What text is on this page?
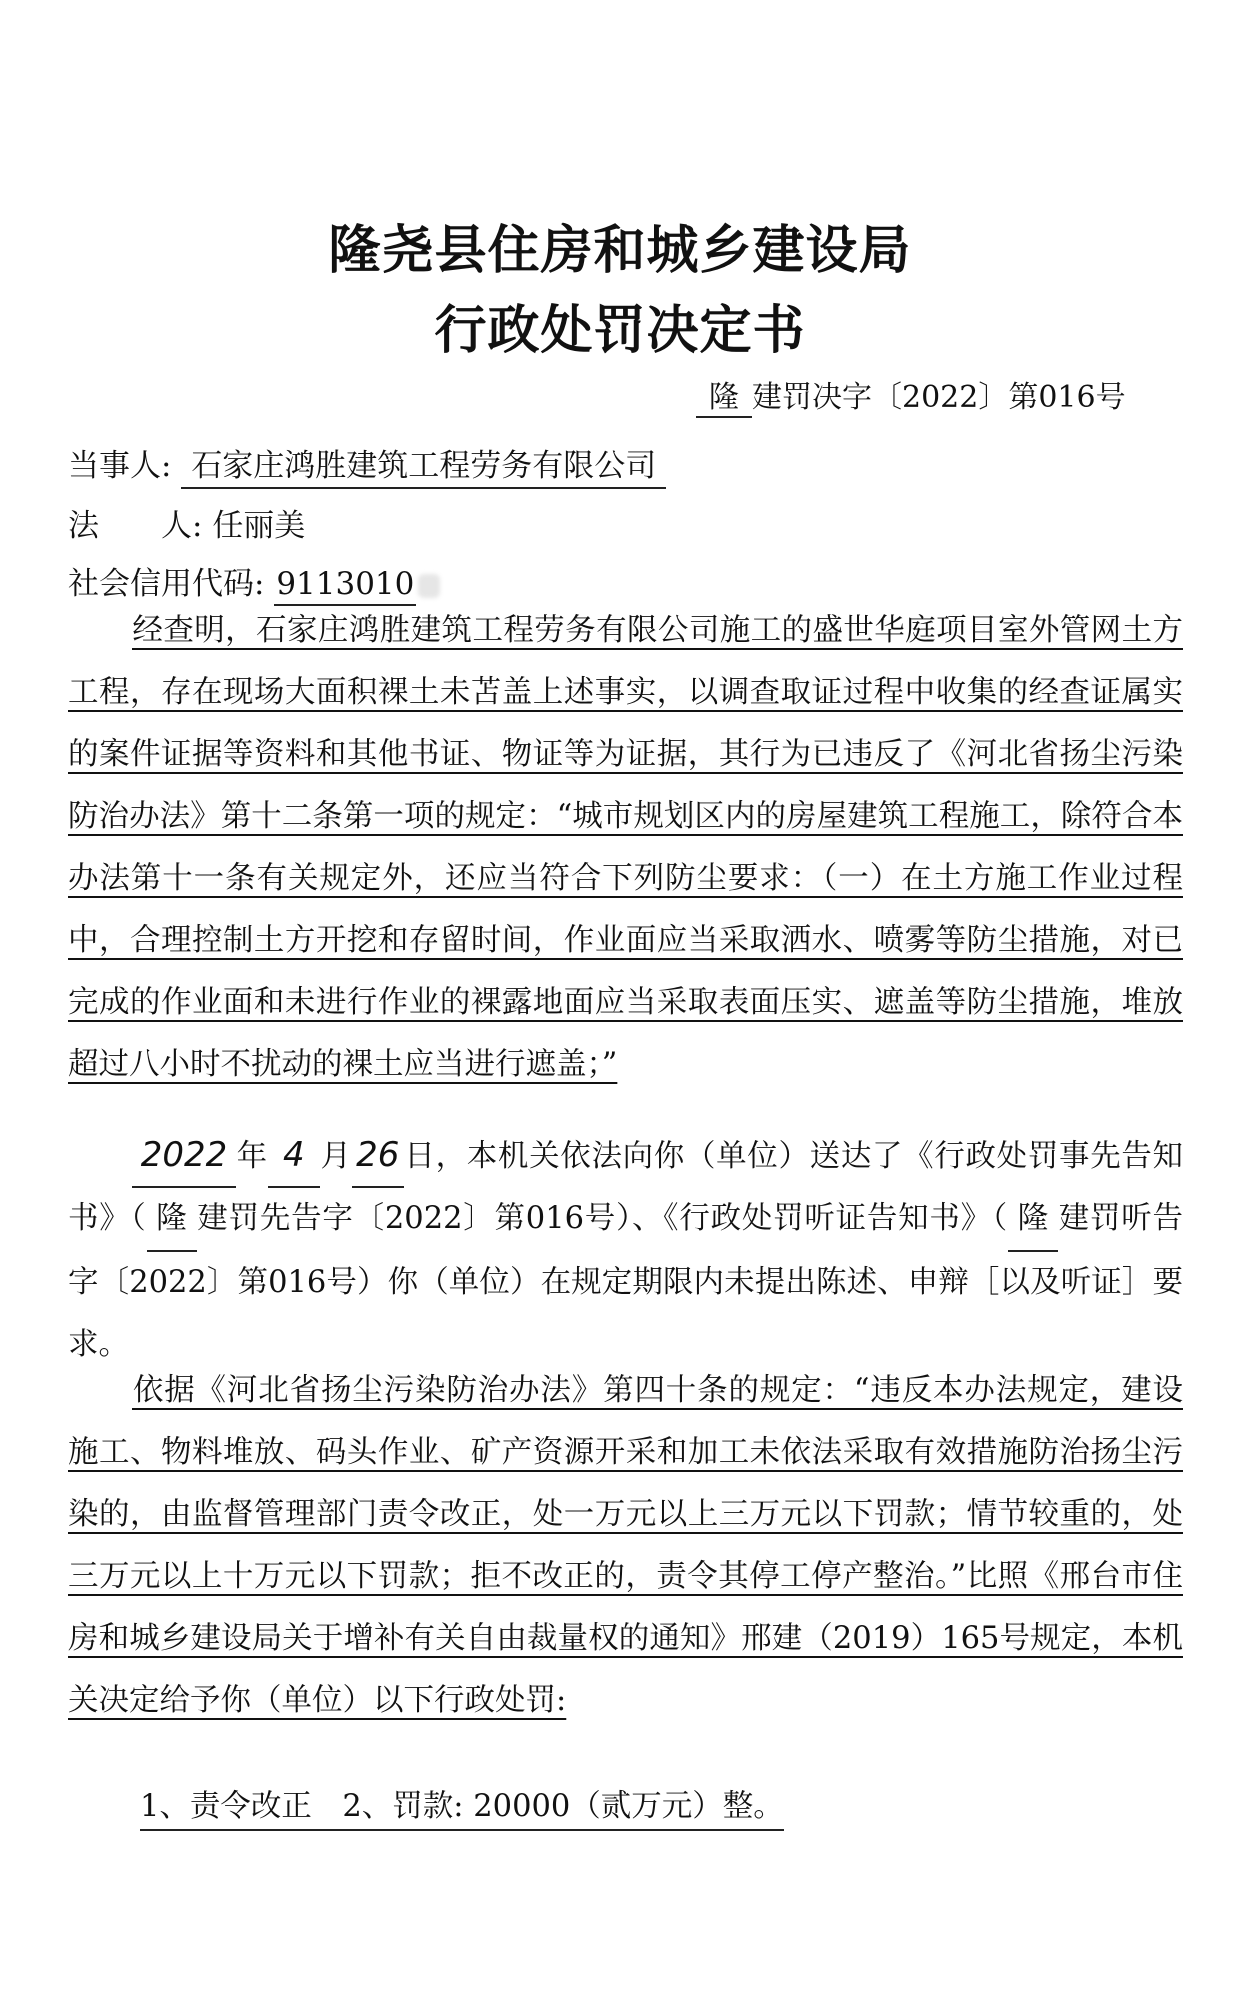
隆尧县住房和城乡建设局
行政处罚决定书
隆 建罚决字〔2022〕第016号
当事人: 石家庄鸿胜建筑工程劳务有限公司
法　　人: 任丽美
社会信用代码: 9113010

经查明，石家庄鸿胜建筑工程劳务有限公司施工的盛世华庭项目室外管网土方工程，存在现场大面积裸土未苫盖上述事实，以调查取证过程中收集的经查证属实的案件证据等资料和其他书证、物证等为证据，其行为已违反了《河北省扬尘污染防治办法》第十二条第一项的规定：“城市规划区内的房屋建筑工程施工，除符合本办法第十一条有关规定外，还应当符合下列防尘要求：（一）在土方施工作业过程中，合理控制土方开挖和存留时间，作业面应当采取洒水、喷雾等防尘措施，对已完成的作业面和未进行作业的裸露地面应当采取表面压实、遮盖等防尘措施，堆放超过八小时不扰动的裸土应当进行遮盖；”

2022 年 4 月 26 日，本机关依法向你（单位）送达了《行政处罚事先告知书》（ 隆 建罚先告字〔2022〕第016号）、《行政处罚听证告知书》（ 隆 建罚听告字〔2022〕第016号）你（单位）在规定期限内未提出陈述、申辩［以及听证］要求。

依据《河北省扬尘污染防治办法》第四十条的规定：“违反本办法规定，建设施工、物料堆放、码头作业、矿产资源开采和加工未依法采取有效措施防治扬尘污染的，由监督管理部门责令改正，处一万元以上三万元以下罚款；情节较重的，处三万元以上十万元以下罚款；拒不改正的，责令其停工停产整治。”比照《邢台市住房和城乡建设局关于增补有关自由裁量权的通知》邢建（2019）165号规定，本机关决定给予你（单位）以下行政处罚:

1、责令改正　2、罚款: 20000（贰万元）整。
